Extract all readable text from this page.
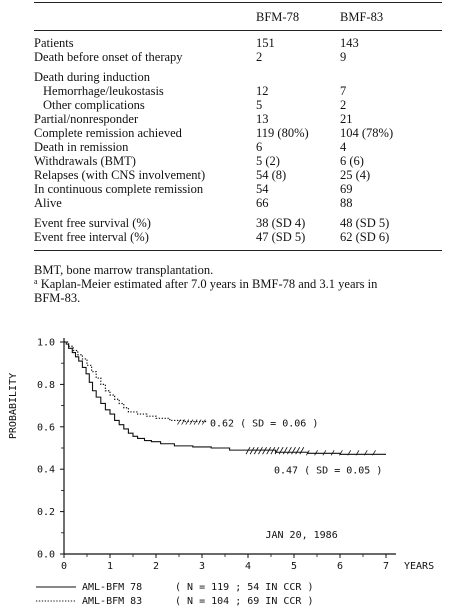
BFM-78	BMF-83
Patients	151	143
Death before onset of therapy	2	9
Death during induction
Hemorrhage/leukostasis	12	7
Other complications	5	2
Partial/nonresponder	13	21
Complete remission achieved	119 (80%)	104 (78%)
Death in remission	6	4
Withdrawals (BMT)	5 (2)	6 (6)
Relapses (with CNS involvement)	54 (8)	25 (4)
In continuous complete remission	54	69
Alive	66	88
Event free survival (%)	38 (SD 4)	48 (SD 5)
Event free interval (%)	47 (SD 5)	62 (SD 6)
BMT, bone marrow transplantation.
$^a$ Kaplan-Meier estimated after 7.0 years in BMF-78 and 3.1 years in
BFM-83.
0.0
0.2
0.4
0.6
0.8
1.0
0	1	2	3	4	5	6	7 YEARS
PROBABILITY	0.62 ( SD = 0.06 )
0.47 ( SD = 0.05 )
JAN 20, 1986
AML-BFM 78
AML-BFM 83
( N = 119 ; 54 IN CCR )
( N = 104 ; 69 IN CCR )
